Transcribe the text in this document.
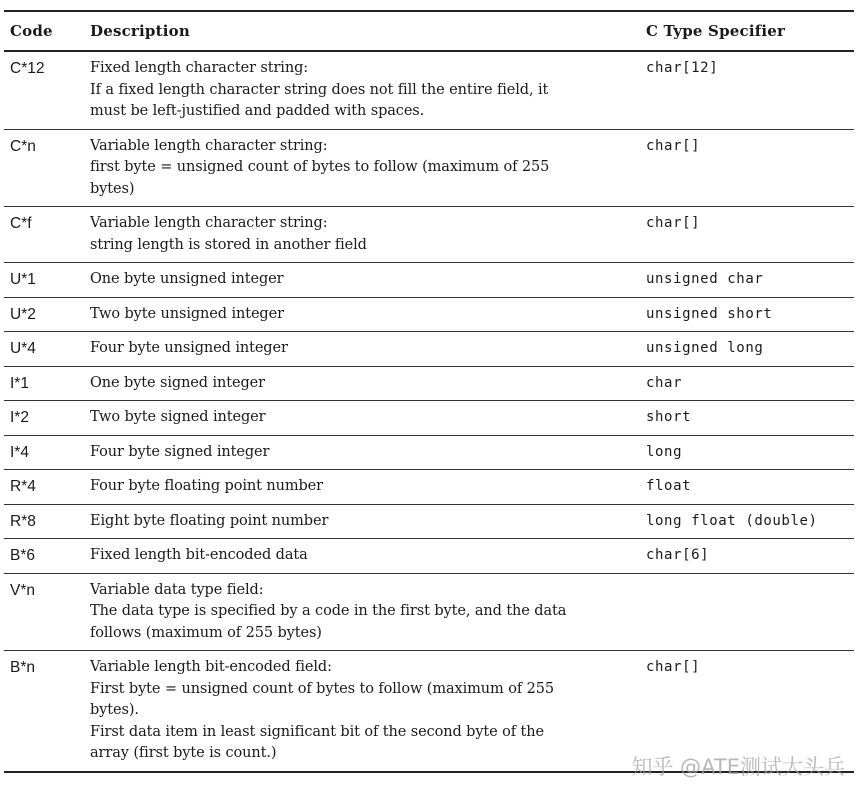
Code	Description	C Type Specifier
C*12	Fixed length character string:
If a fixed length character string does not fill the entire field, it
must be left-justified and padded with spaces.	char[12]
C*n	Variable length character string:
first byte = unsigned count of bytes to follow (maximum of 255
bytes)	char[]
C*f	Variable length character string:
string length is stored in another field	char[]
U*1	One byte unsigned integer	unsigned char
U*2	Two byte unsigned integer	unsigned short
U*4	Four byte unsigned integer	unsigned long
I*1	One byte signed integer	char
I*2	Two byte signed integer	short
I*4	Four byte signed integer	long
R*4	Four byte floating point number	float
R*8	Eight byte floating point number	long float (double)
B*6	Fixed length bit-encoded data	char[6]
V*n	Variable data type field:
The data type is specified by a code in the first byte, and the data
follows (maximum of 255 bytes)	
B*n	Variable length bit-encoded field:
First byte = unsigned count of bytes to follow (maximum of 255
bytes).
First data item in least significant bit of the second byte of the
array (first byte is count.)	char[]
知乎 @ATE测试大头兵
